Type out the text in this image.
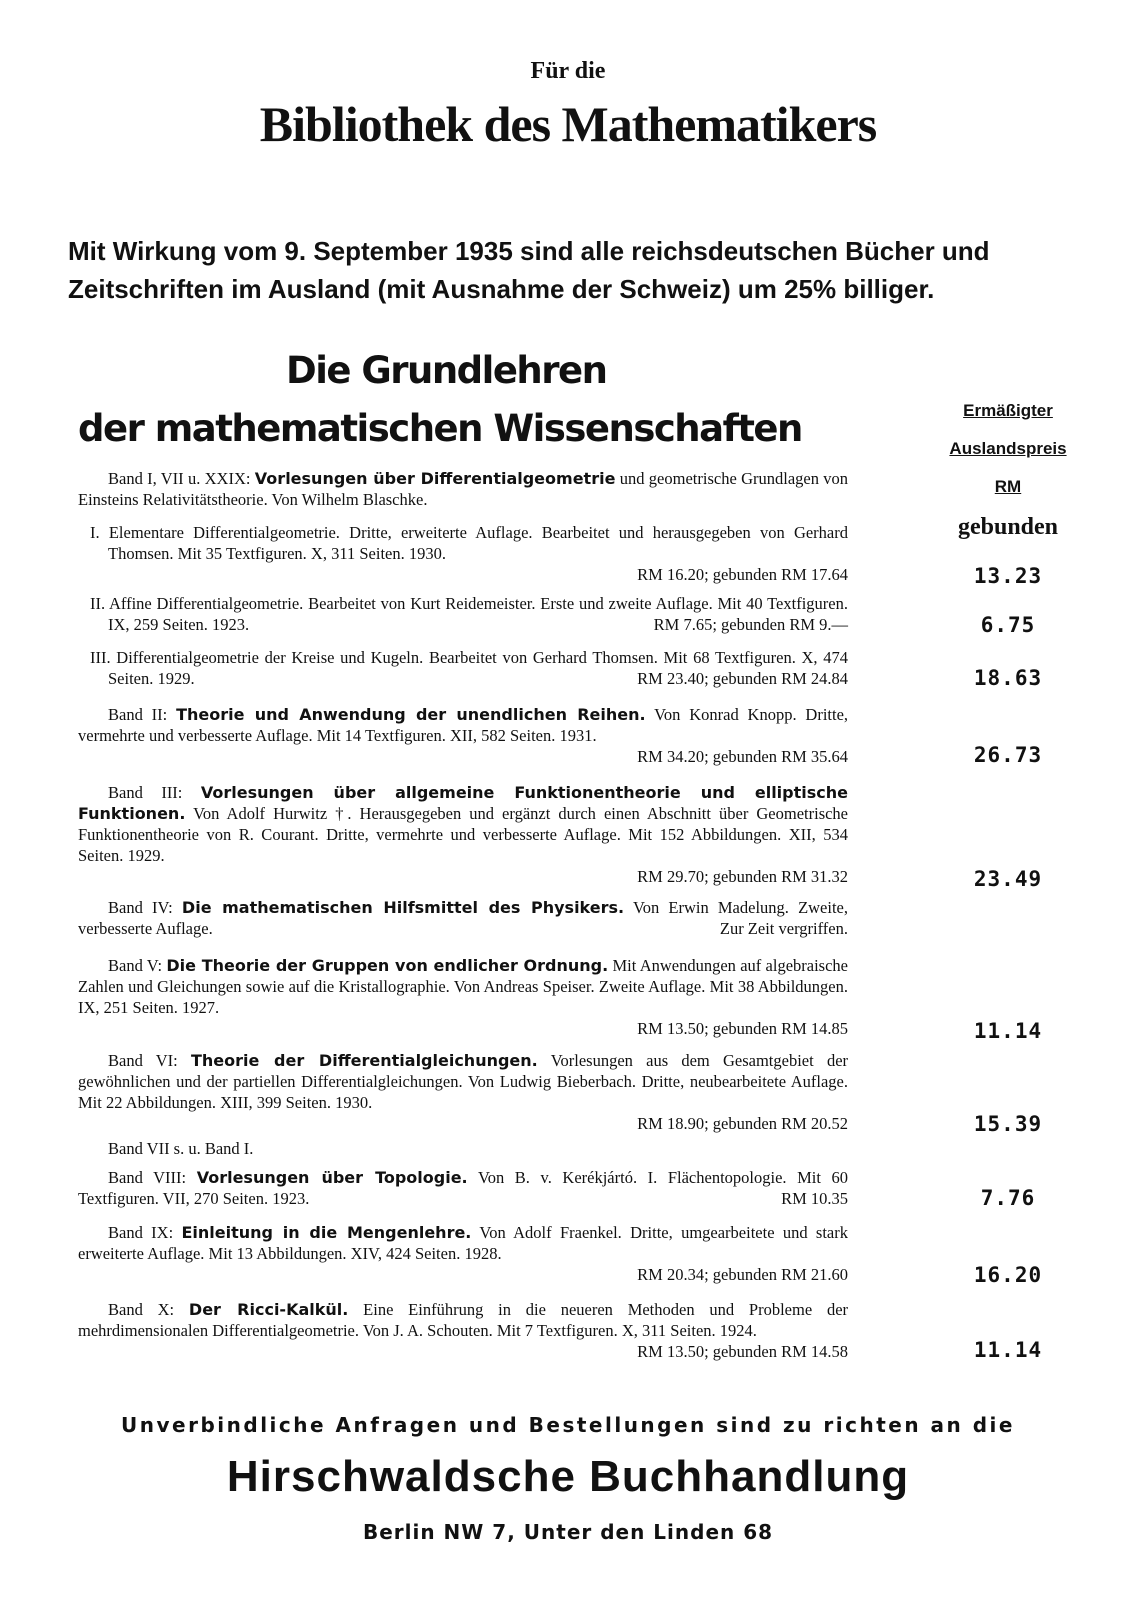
Für die
Bibliothek des Mathematikers
Mit Wirkung vom 9. September 1935 sind alle reichsdeutschen Bücher und
Zeitschriften im Ausland (mit Ausnahme der Schweiz) um 25% billiger.
Die Grundlehren
der mathematischen Wissenschaften	Ermäßigter
Auslandspreis
RM
gebunden
Band I, VII u. XXIX: Vorlesungen über Differentialgeometrie und geometrische Grundlagen von Einsteins Relativitätstheorie. Von Wilhelm Blaschke.
I. Elementare Differentialgeometrie. Dritte, erweiterte Auflage. Bearbeitet und herausgegeben von Gerhard Thomsen. Mit 35 Textfiguren. X, 311 Seiten. 1930.
RM 16.20; gebunden RM 17.64	13.23
II. Affine Differentialgeometrie. Bearbeitet von Kurt Reidemeister. Erste und zweite Auflage. Mit 40 Textfiguren. IX, 259 Seiten. 1923.	RM 7.65; gebunden RM 9.—	6.75
III. Differentialgeometrie der Kreise und Kugeln. Bearbeitet von Gerhard Thomsen. Mit 68 Textfiguren. X, 474 Seiten. 1929.	RM 23.40; gebunden RM 24.84	18.63
Band II: Theorie und Anwendung der unendlichen Reihen. Von Konrad Knopp. Dritte, vermehrte und verbesserte Auflage. Mit 14 Textfiguren. XII, 582 Seiten. 1931.
RM 34.20; gebunden RM 35.64	26.73
Band III: Vorlesungen über allgemeine Funktionentheorie und elliptische Funktionen. Von Adolf Hurwitz †. Herausgegeben und ergänzt durch einen Abschnitt über Geometrische Funktionentheorie von R. Courant. Dritte, vermehrte und verbesserte Auflage. Mit 152 Abbildungen. XII, 534 Seiten. 1929.
RM 29.70; gebunden RM 31.32	23.49
Band IV: Die mathematischen Hilfsmittel des Physikers. Von Erwin Madelung. Zweite, verbesserte Auflage.	Zur Zeit vergriffen.
Band V: Die Theorie der Gruppen von endlicher Ordnung. Mit Anwendungen auf algebraische Zahlen und Gleichungen sowie auf die Kristallographie. Von Andreas Speiser. Zweite Auflage. Mit 38 Abbildungen. IX, 251 Seiten. 1927.
RM 13.50; gebunden RM 14.85	11.14
Band VI: Theorie der Differentialgleichungen. Vorlesungen aus dem Gesamtgebiet der gewöhnlichen und der partiellen Differentialgleichungen. Von Ludwig Bieberbach. Dritte, neubearbeitete Auflage. Mit 22 Abbildungen. XIII, 399 Seiten. 1930.
RM 18.90; gebunden RM 20.52	15.39
Band VII s. u. Band I.
Band VIII: Vorlesungen über Topologie. Von B. v. Kerékjártó. I. Flächentopologie. Mit 60 Textfiguren. VII, 270 Seiten. 1923.	RM 10.35	7.76
Band IX: Einleitung in die Mengenlehre. Von Adolf Fraenkel. Dritte, umgearbeitete und stark erweiterte Auflage. Mit 13 Abbildungen. XIV, 424 Seiten. 1928.
RM 20.34; gebunden RM 21.60	16.20
Band X: Der Ricci-Kalkül. Eine Einführung in die neueren Methoden und Probleme der mehrdimensionalen Differentialgeometrie. Von J. A. Schouten. Mit 7 Textfiguren. X, 311 Seiten. 1924.
RM 13.50; gebunden RM 14.58	11.14
Unverbindliche Anfragen und Bestellungen sind zu richten an die
Hirschwaldsche Buchhandlung
Berlin NW 7, Unter den Linden 68
